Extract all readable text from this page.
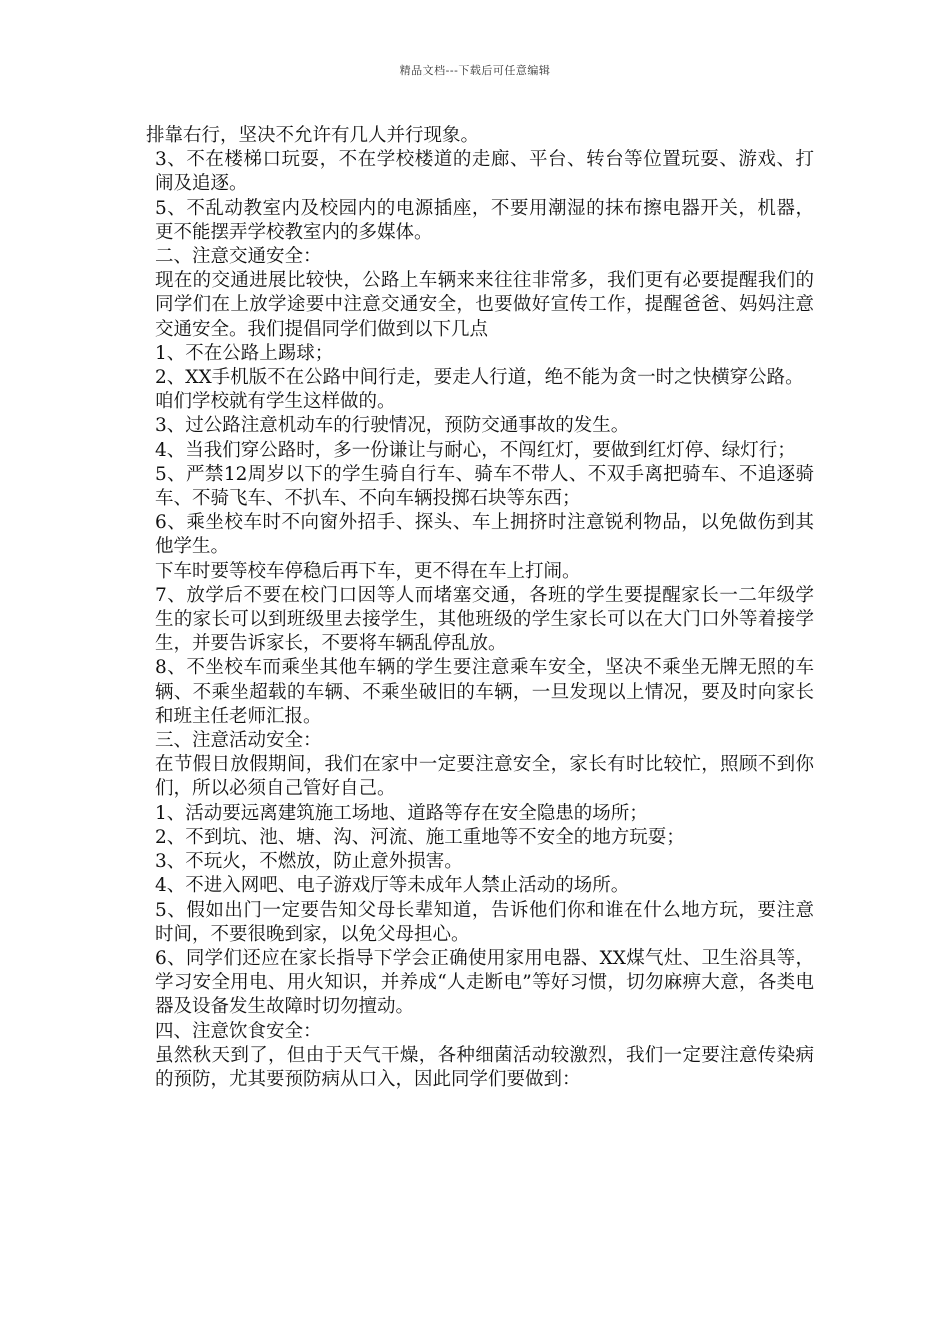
精品文档---下载后可任意编辑

排靠右行，坚决不允许有几人并行现象。

3、不在楼梯口玩耍，不在学校楼道的走廊、平台、转台等位置玩耍、游戏、打闹及追逐。

5、不乱动教室内及校园内的电源插座，不要用潮湿的抹布擦电器开关，机器，更不能摆弄学校教室内的多媒体。

二、注意交通安全：

现在的交通进展比较快，公路上车辆来来往往非常多，我们更有必要提醒我们的同学们在上放学途要中注意交通安全，也要做好宣传工作，提醒爸爸、妈妈注意交通安全。我们提倡同学们做到以下几点

1、不在公路上踢球；

2、XX手机版不在公路中间行走，要走人行道，绝不能为贪一时之快横穿公路。

咱们学校就有学生这样做的。

3、过公路注意机动车的行驶情况，预防交通事故的发生。

4、当我们穿公路时，多一份谦让与耐心，不闯红灯，要做到红灯停、绿灯行；

5、严禁12周岁以下的学生骑自行车、骑车不带人、不双手离把骑车、不追逐骑车、不骑飞车、不扒车、不向车辆投掷石块等东西；

6、乘坐校车时不向窗外招手、探头、车上拥挤时注意锐利物品，以免做伤到其他学生。

下车时要等校车停稳后再下车，更不得在车上打闹。

7、放学后不要在校门口因等人而堵塞交通，各班的学生要提醒家长一二年级学生的家长可以到班级里去接学生，其他班级的学生家长可以在大门口外等着接学生，并要告诉家长，不要将车辆乱停乱放。

8、不坐校车而乘坐其他车辆的学生要注意乘车安全，坚决不乘坐无牌无照的车辆、不乘坐超载的车辆、不乘坐破旧的车辆，一旦发现以上情况，要及时向家长和班主任老师汇报。

三、注意活动安全：

在节假日放假期间，我们在家中一定要注意安全，家长有时比较忙，照顾不到你们，所以必须自己管好自己。

1、活动要远离建筑施工场地、道路等存在安全隐患的场所；

2、不到坑、池、塘、沟、河流、施工重地等不安全的地方玩耍；

3、不玩火，不燃放，防止意外损害。

4、不进入网吧、电子游戏厅等未成年人禁止活动的场所。

5、假如出门一定要告知父母长辈知道，告诉他们你和谁在什么地方玩，要注意时间，不要很晚到家，以免父母担心。

6、同学们还应在家长指导下学会正确使用家用电器、XX煤气灶、卫生浴具等，学习安全用电、用火知识，并养成“人走断电”等好习惯，切勿麻痹大意，各类电器及设备发生故障时切勿擅动。

四、注意饮食安全：

虽然秋天到了，但由于天气干燥，各种细菌活动较激烈，我们一定要注意传染病的预防，尤其要预防病从口入，因此同学们要做到：
